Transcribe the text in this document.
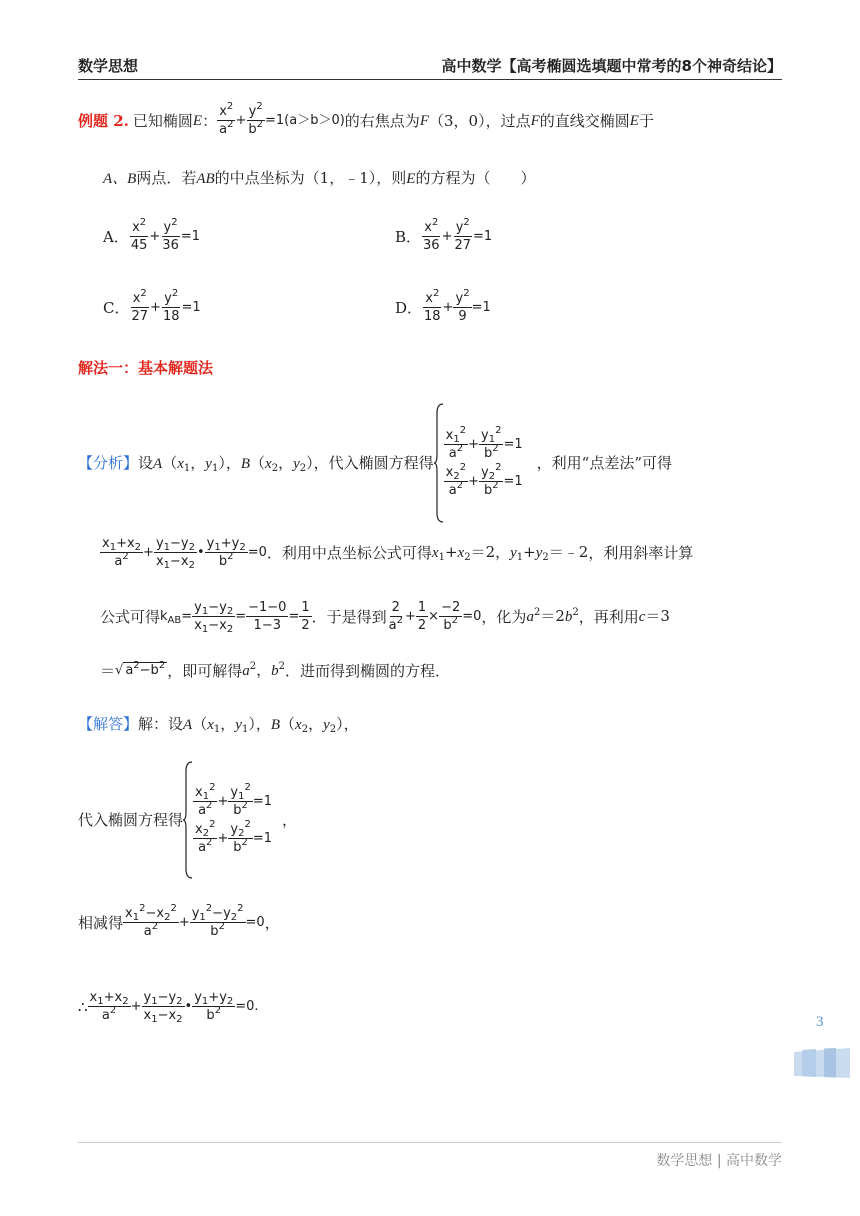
数学思想	高中数学【高考椭圆选填题中常考的8个神奇结论】
例题 2. 已知椭圆 E ： $\frac{x^2}{a^2} + \frac{y^2}{b^2} =1(a>b>0)$ 的右焦点为 F （3，0），过点 F 的直线交椭圆 E 于
A、B两点．若AB的中点坐标为（1，﹣1），则E的方程为（　　）
A． $\frac{x^2}{45} + \frac{y^2}{36} =1$	B． $\frac{x^2}{36} + \frac{y^2}{27} =1$
C． $\frac{x^2}{27} + \frac{y^2}{18} =1$	D． $\frac{x^2}{18} + \frac{y^2}{9} =1$
解法一：基本解题法
【分析】 设 $A(x_1$，$y_1$），$B(x_2$，$y_2$）， 代入椭圆方程得
$\frac{x_1^2}{a^2} + \frac{y_1^2}{b^2} =1$
$\frac{x_2^2}{a^2} + \frac{y_2^2}{b^2} =1$
，利用“点差法”可得
$\frac{x_1+x_2}{a^2} + \frac{y_1-y_2}{x_1-x_2}$ • $\frac{y_1+y_2}{b^2} =0$ ．利用中点坐标公式可得 $x_1+x_2=2$，$y_1+y_2=﹣2$ ，利用斜率计算
公式可得 $k_{AB}= \frac{y_1-y_2}{x_1-x_2} = \frac{-1-0}{1-3} = \frac{1}{2}$ ．于是得到 $\frac{2}{a^2} + \frac{1}{2} \times \frac{-2}{b^2} =0$ ，化为 $a^2=2b^2$ ，再利用 c＝3
＝ √ $a^2-b^2$ ，即可解得 $a^2$，$b^2$ ．进而得到椭圆的方程．
【解答】解：设$A(x_1$，$y_1$），$B(x_2$，$y_2$），
代入椭圆方程得
$\frac{x_1^2}{a^2} + \frac{y_1^2}{b^2} =1$
$\frac{x_2^2}{a^2} + \frac{y_2^2}{b^2} =1$
，
相减得 $\frac{x_1^2-x_2^2}{a^2} + \frac{y_1^2-y_2^2}{b^2} =0$ ，
∴ $\frac{x_1+x_2}{a^2} + \frac{y_1-y_2}{x_1-x_2}$ • $\frac{y_1+y_2}{b^2} =0$.
3
数学思想 | 高中数学
